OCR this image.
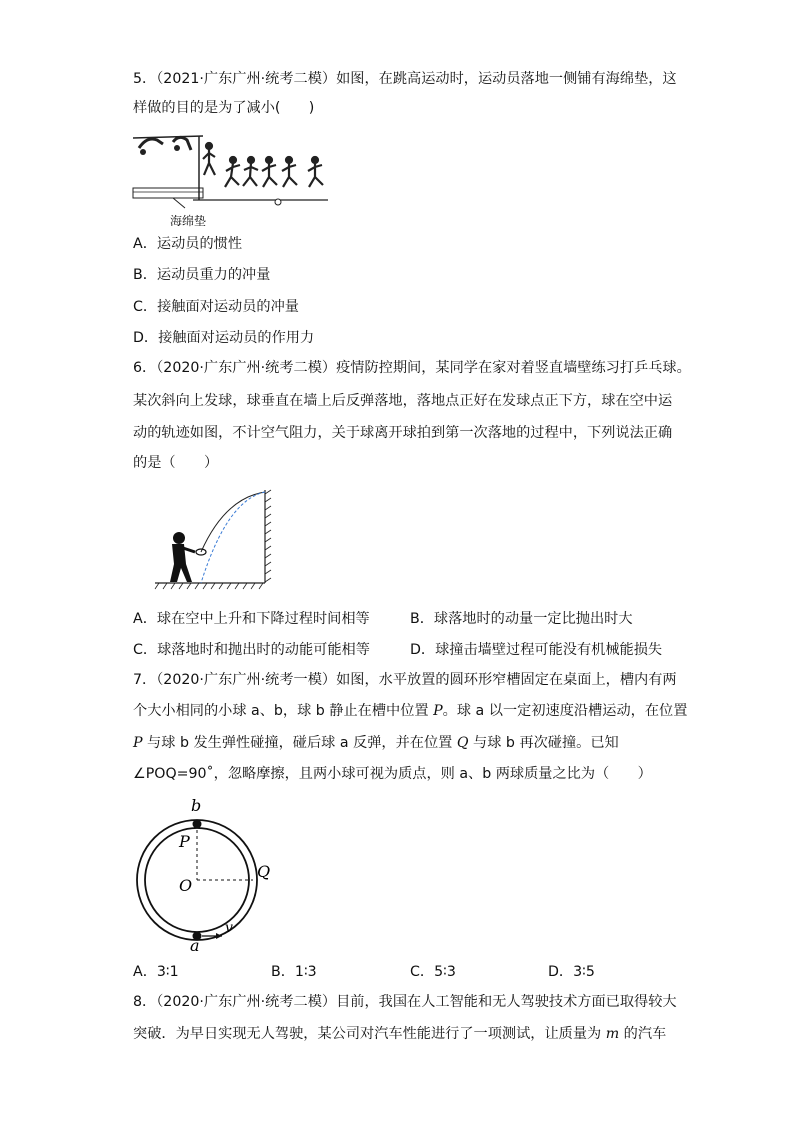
5．（2021·广东广州·统考二模）如图，在跳高运动时，运动员落地一侧铺有海绵垫，这
样做的目的是为了减小(　　)
海绵垫
A．运动员的惯性
B．运动员重力的冲量
C．接触面对运动员的冲量
D．接触面对运动员的作用力
6．（2020·广东广州·统考二模）疫情防控期间，某同学在家对着竖直墙壁练习打乒乓球。
某次斜向上发球，球垂直在墙上后反弹落地，落地点正好在发球点正下方，球在空中运
动的轨迹如图，不计空气阻力，关于球离开球拍到第一次落地的过程中，下列说法正确
的是（　　）
A．球在空中上升和下降过程时间相等	B．球落地时的动量一定比抛出时大
C．球落地时和抛出时的动能可能相等	D．球撞击墙壁过程可能没有机械能损失
7．（2020·广东广州·统考一模）如图，水平放置的圆环形窄槽固定在桌面上，槽内有两
个大小相同的小球 a、b，球 b 静止在槽中位置 P。球 a 以一定初速度沿槽运动，在位置
P 与球 b 发生弹性碰撞，碰后球 a 反弹，并在位置 Q 与球 b 再次碰撞。已知
∠POQ=90˚，忽略摩擦，且两小球可视为质点，则 a、b 两球质量之比为（　　）
b
P
O
Q
a
v
A．3∶1	B．1∶3	C．5∶3	D．3∶5
8．（2020·广东广州·统考二模）目前，我国在人工智能和无人驾驶技术方面已取得较大
突破．为早日实现无人驾驶，某公司对汽车性能进行了一项测试，让质量为 m 的汽车
